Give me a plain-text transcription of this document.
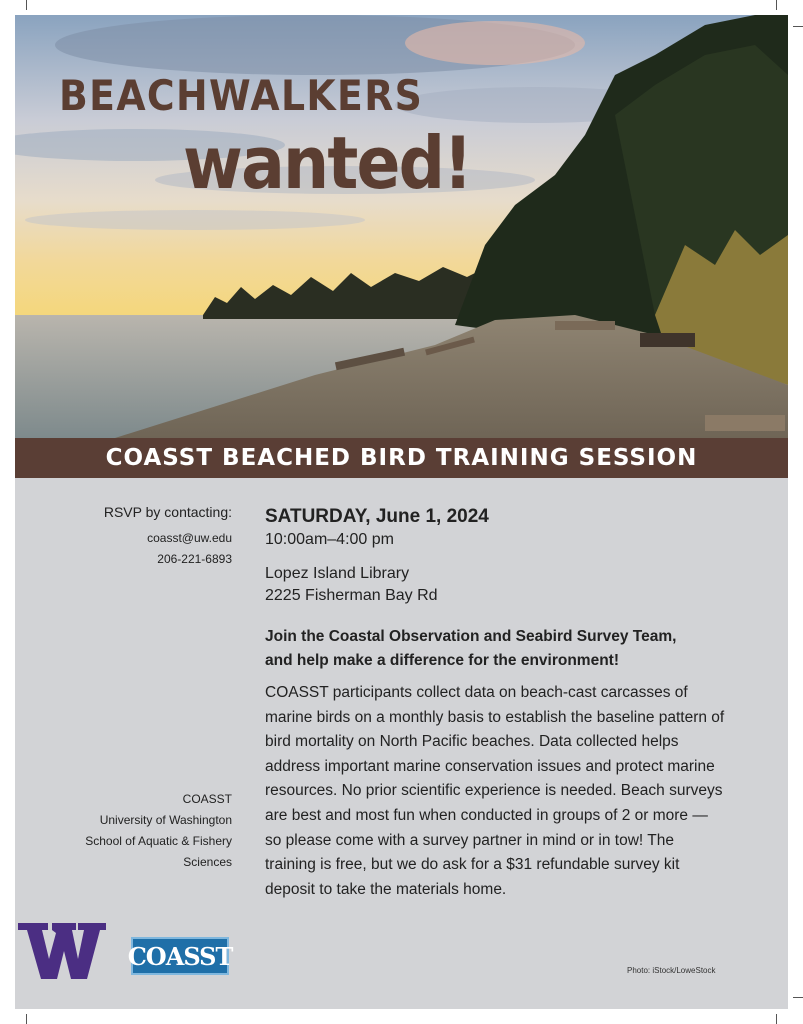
BEACHWALKERS
wanted!
COASST BEACHED BIRD TRAINING SESSION
RSVP by contacting:
coasst@uw.edu
206-221-6893
COASST
University of Washington
School of Aquatic & Fishery
Sciences
SATURDAY, June 1, 2024
10:00am–4:00 pm
Lopez Island Library
2225 Fisherman Bay Rd
Join the Coastal Observation and Seabird Survey Team,
and help make a difference for the environment!
COASST participants collect data on beach-cast carcasses of marine birds on a monthly basis to establish the baseline pattern of bird mortality on North Pacific beaches. Data collected helps address important marine conservation issues and protect marine resources. No prior scientific experience is needed. Beach surveys are best and most fun when conducted in groups of 2 or more — so please come with a survey partner in mind or in tow! The training is free, but we do ask for a $31 refundable survey kit deposit to take the materials home.
COASST	Photo: iStock/LoweStock
